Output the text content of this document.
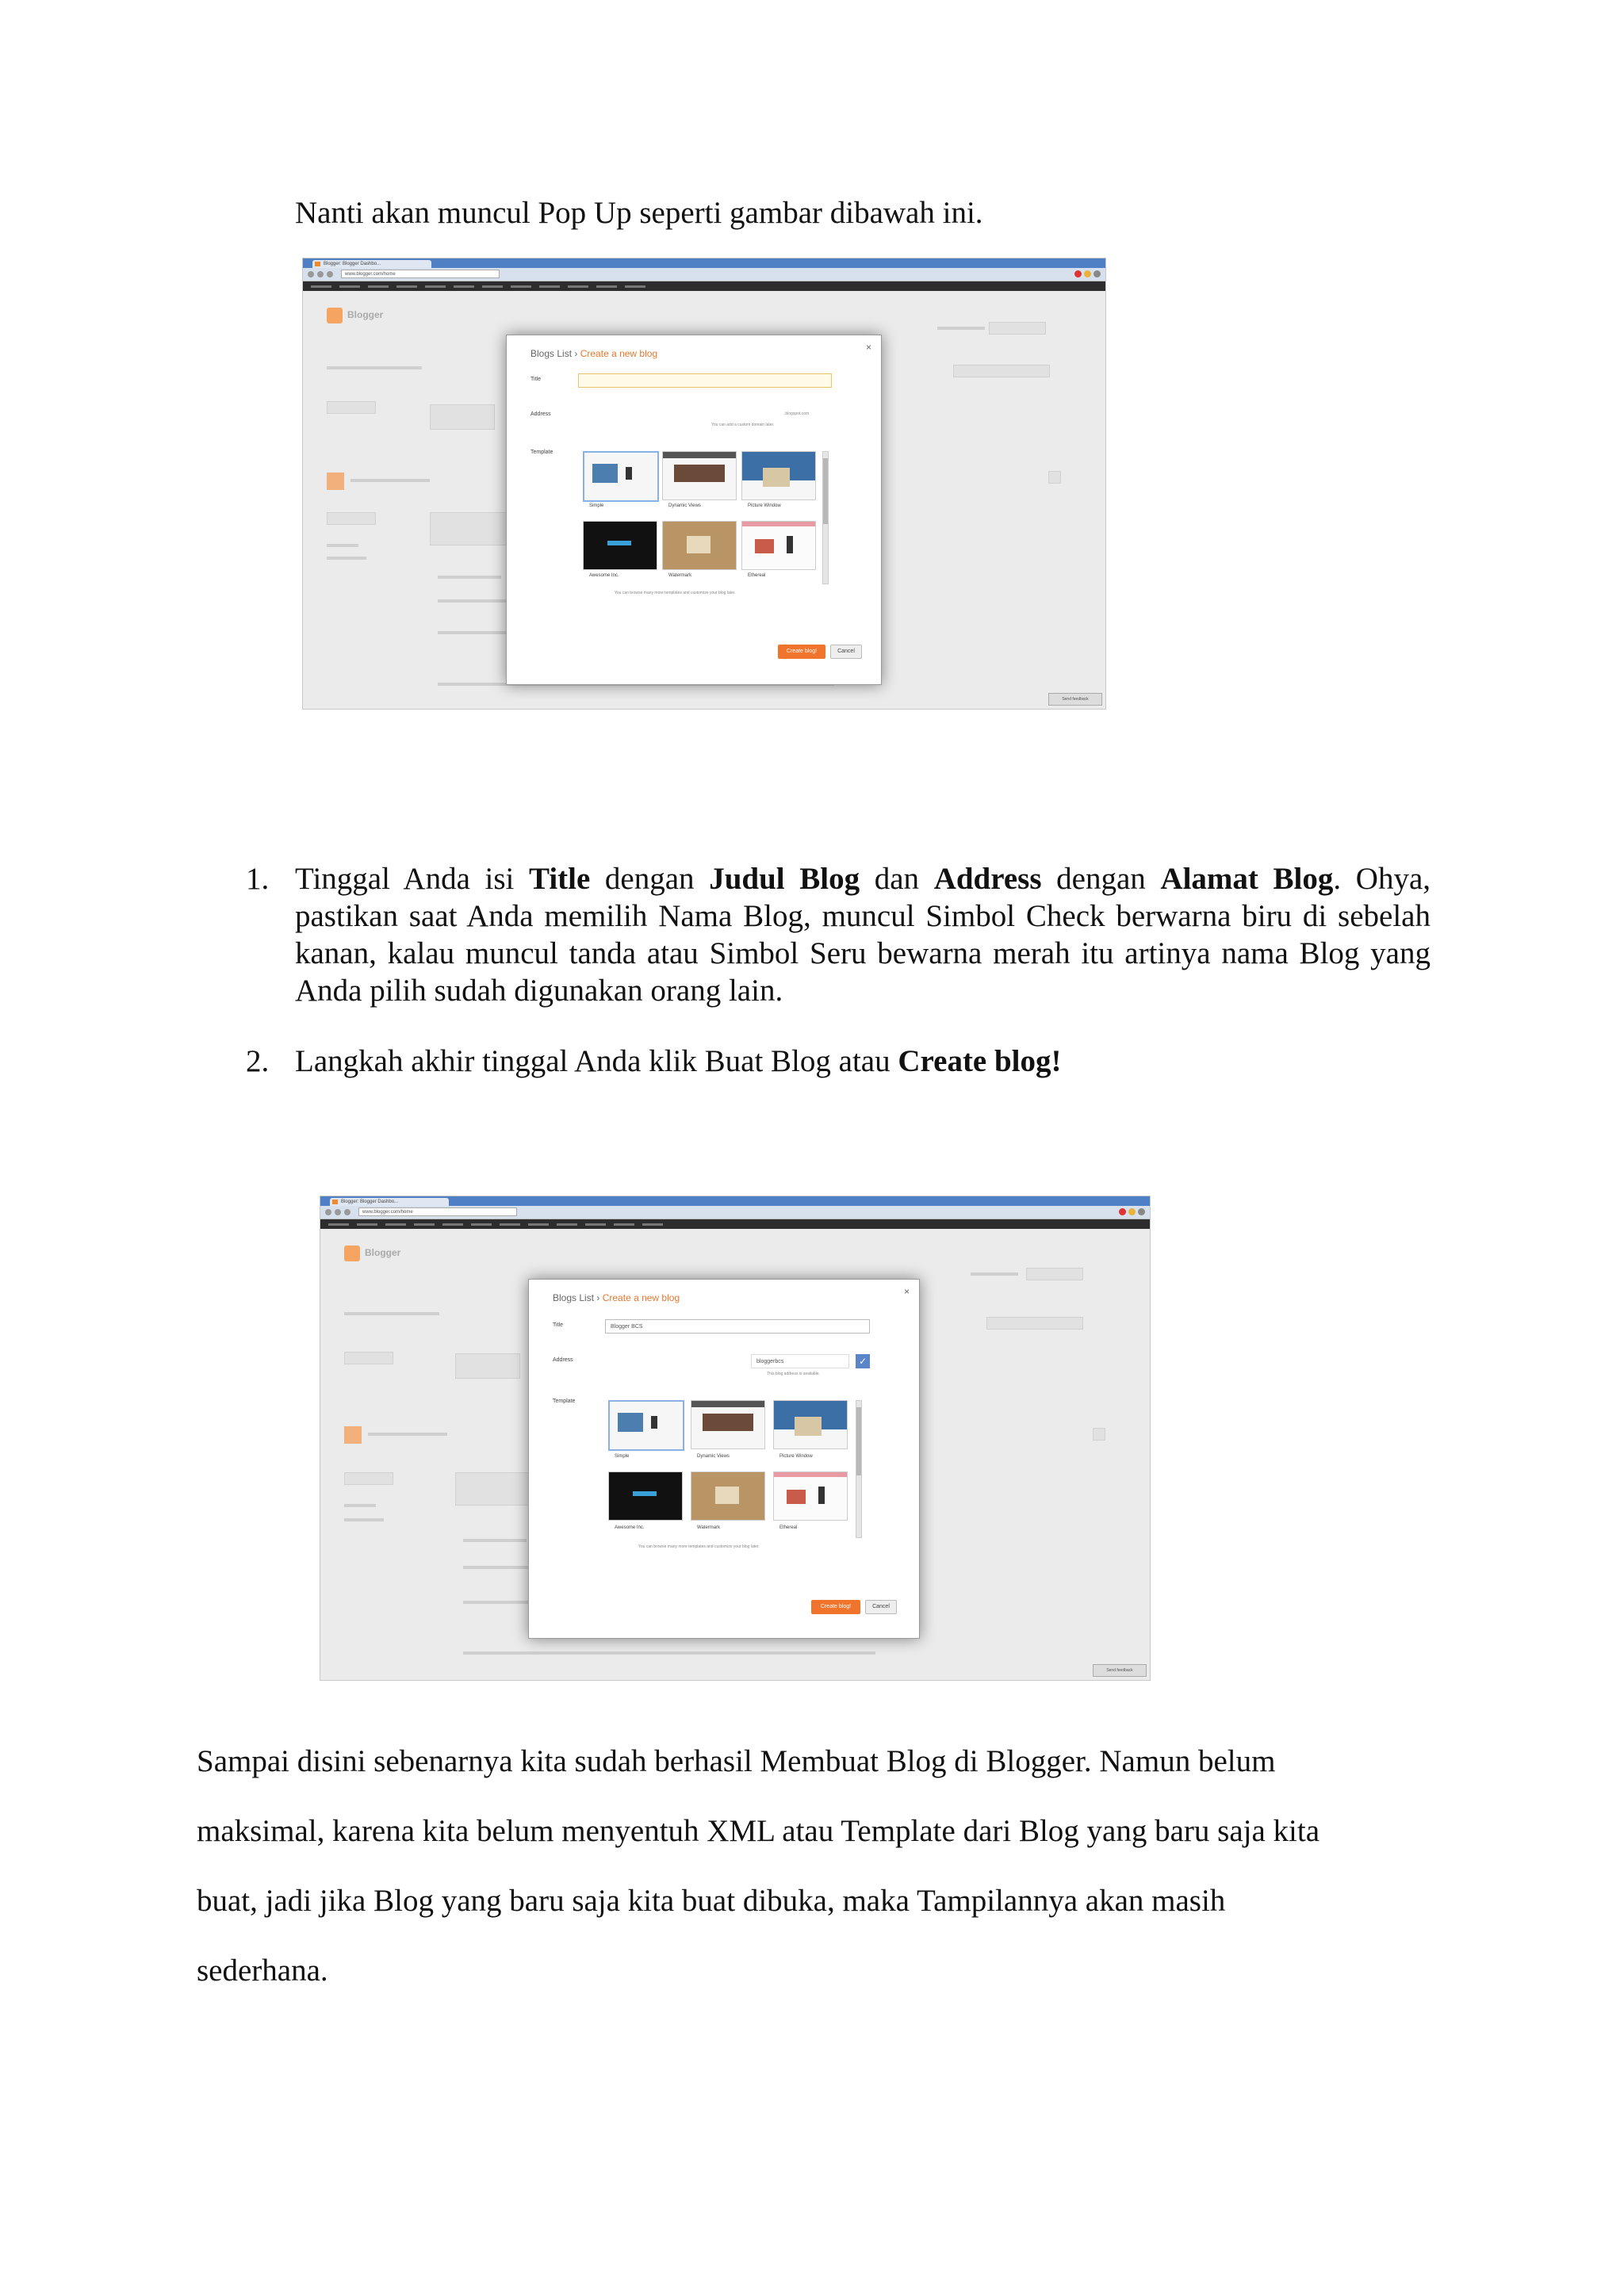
Nanti akan muncul Pop Up seperti gambar dibawah ini.

Blogger: Blogger Dashbo...
www.blogger.com/home
Blogger
Send feedback
Blogs List › Create a new blog
×
Title
Address	.blogspot.com
You can add a custom domain later.
Template
Simple	Dynamic Views	Picture Window
Awesome Inc.	Watermark	Ethereal
You can browse many more templates and customize your blog later.
Create blog!	Cancel
1. Tinggal Anda isi Title dengan Judul Blog dan Address dengan Alamat Blog. Ohya, pastikan saat Anda memilih Nama Blog, muncul Simbol Check berwarna biru di sebelah kanan, kalau muncul tanda atau Simbol Seru bewarna merah itu artinya nama Blog yang Anda pilih sudah digunakan orang lain.
2. Langkah akhir tinggal Anda klik Buat Blog atau Create blog!
Blogger: Blogger Dashbo...
www.blogger.com/home
Blogger
Send feedback
Blogs List › Create a new blog
×
Title	Blogger BCS
Address	bloggerbcs	✓
This blog address is available.
Template
Simple	Dynamic Views	Picture Window
Awesome Inc.	Watermark	Ethereal
You can browse many more templates and customize your blog later.
Create blog!	Cancel

Sampai disini sebenarnya kita sudah berhasil Membuat Blog di Blogger. Namun belum

maksimal, karena kita belum menyentuh XML atau Template dari Blog yang baru saja kita

buat, jadi jika Blog yang baru saja kita buat dibuka, maka Tampilannya akan masih

sederhana.
